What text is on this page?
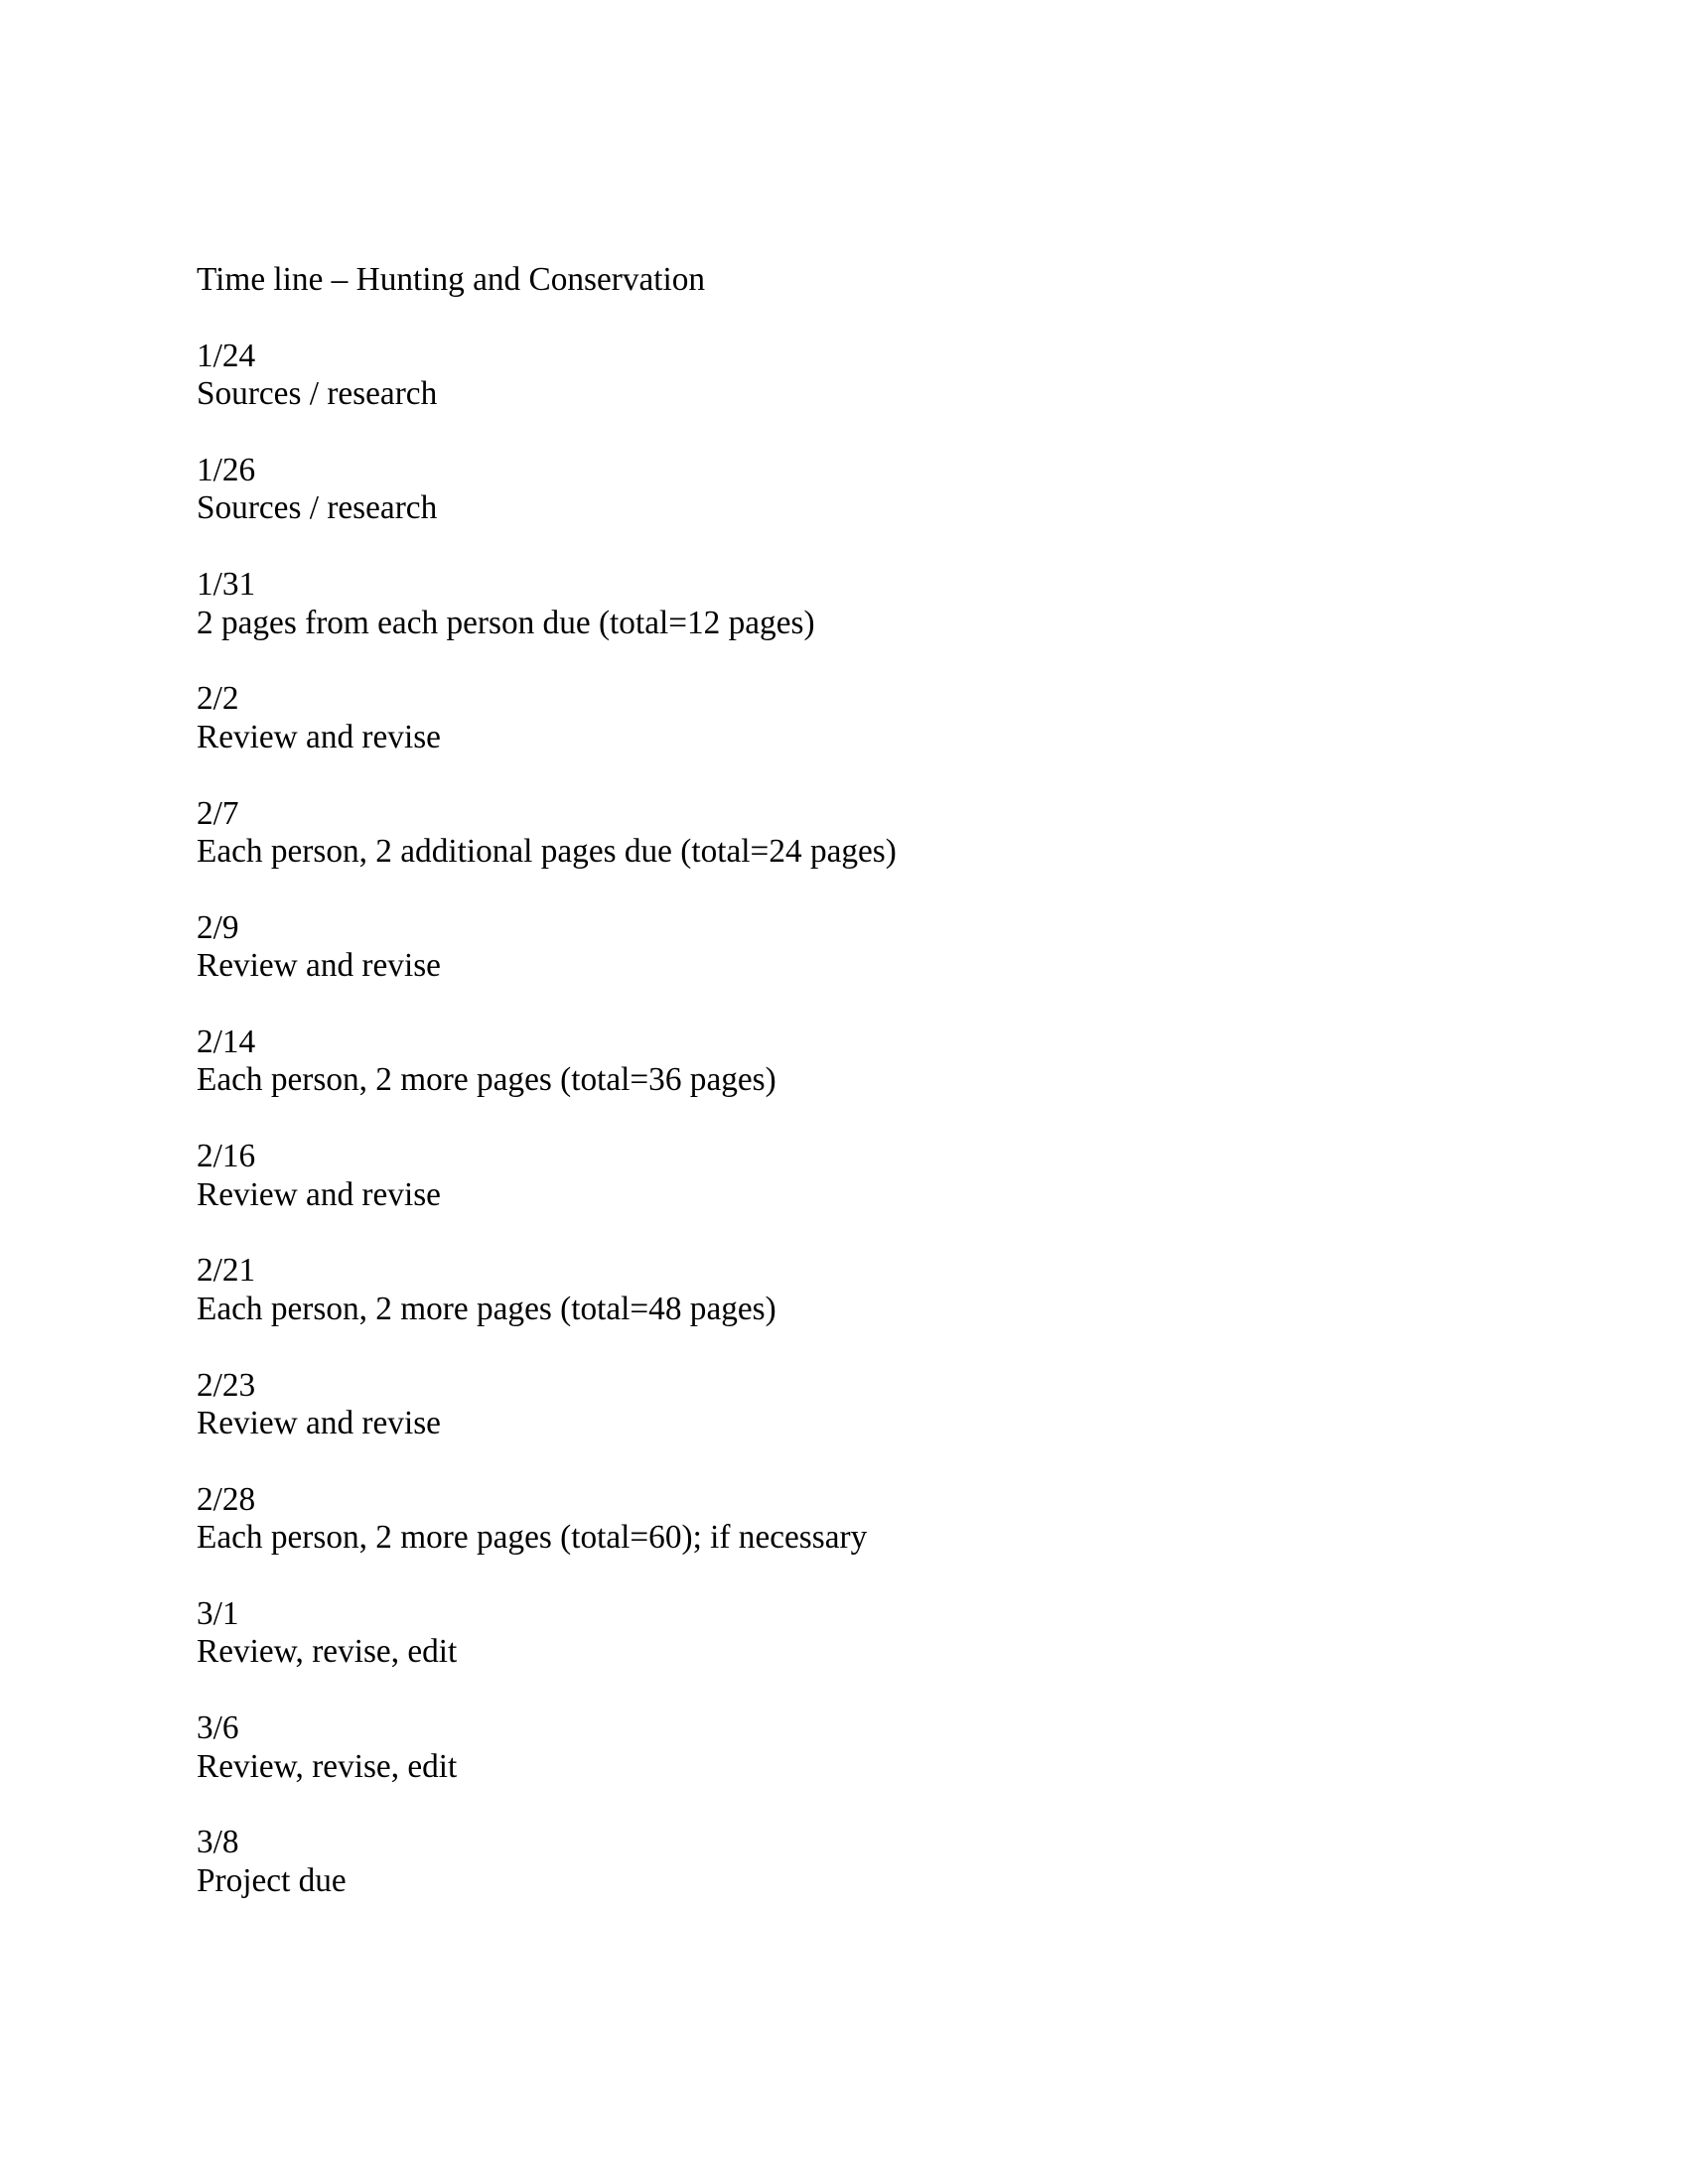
Time line – Hunting and Conservation

1/24
Sources / research
1/26
Sources / research
1/31
2 pages from each person due (total=12 pages)
2/2
Review and revise
2/7
Each person, 2 additional pages due (total=24 pages)
2/9
Review and revise
2/14
Each person, 2 more pages (total=36 pages)
2/16
Review and revise
2/21
Each person, 2 more pages (total=48 pages)
2/23
Review and revise
2/28
Each person, 2 more pages (total=60); if necessary
3/1
Review, revise, edit
3/6
Review, revise, edit
3/8
Project due
